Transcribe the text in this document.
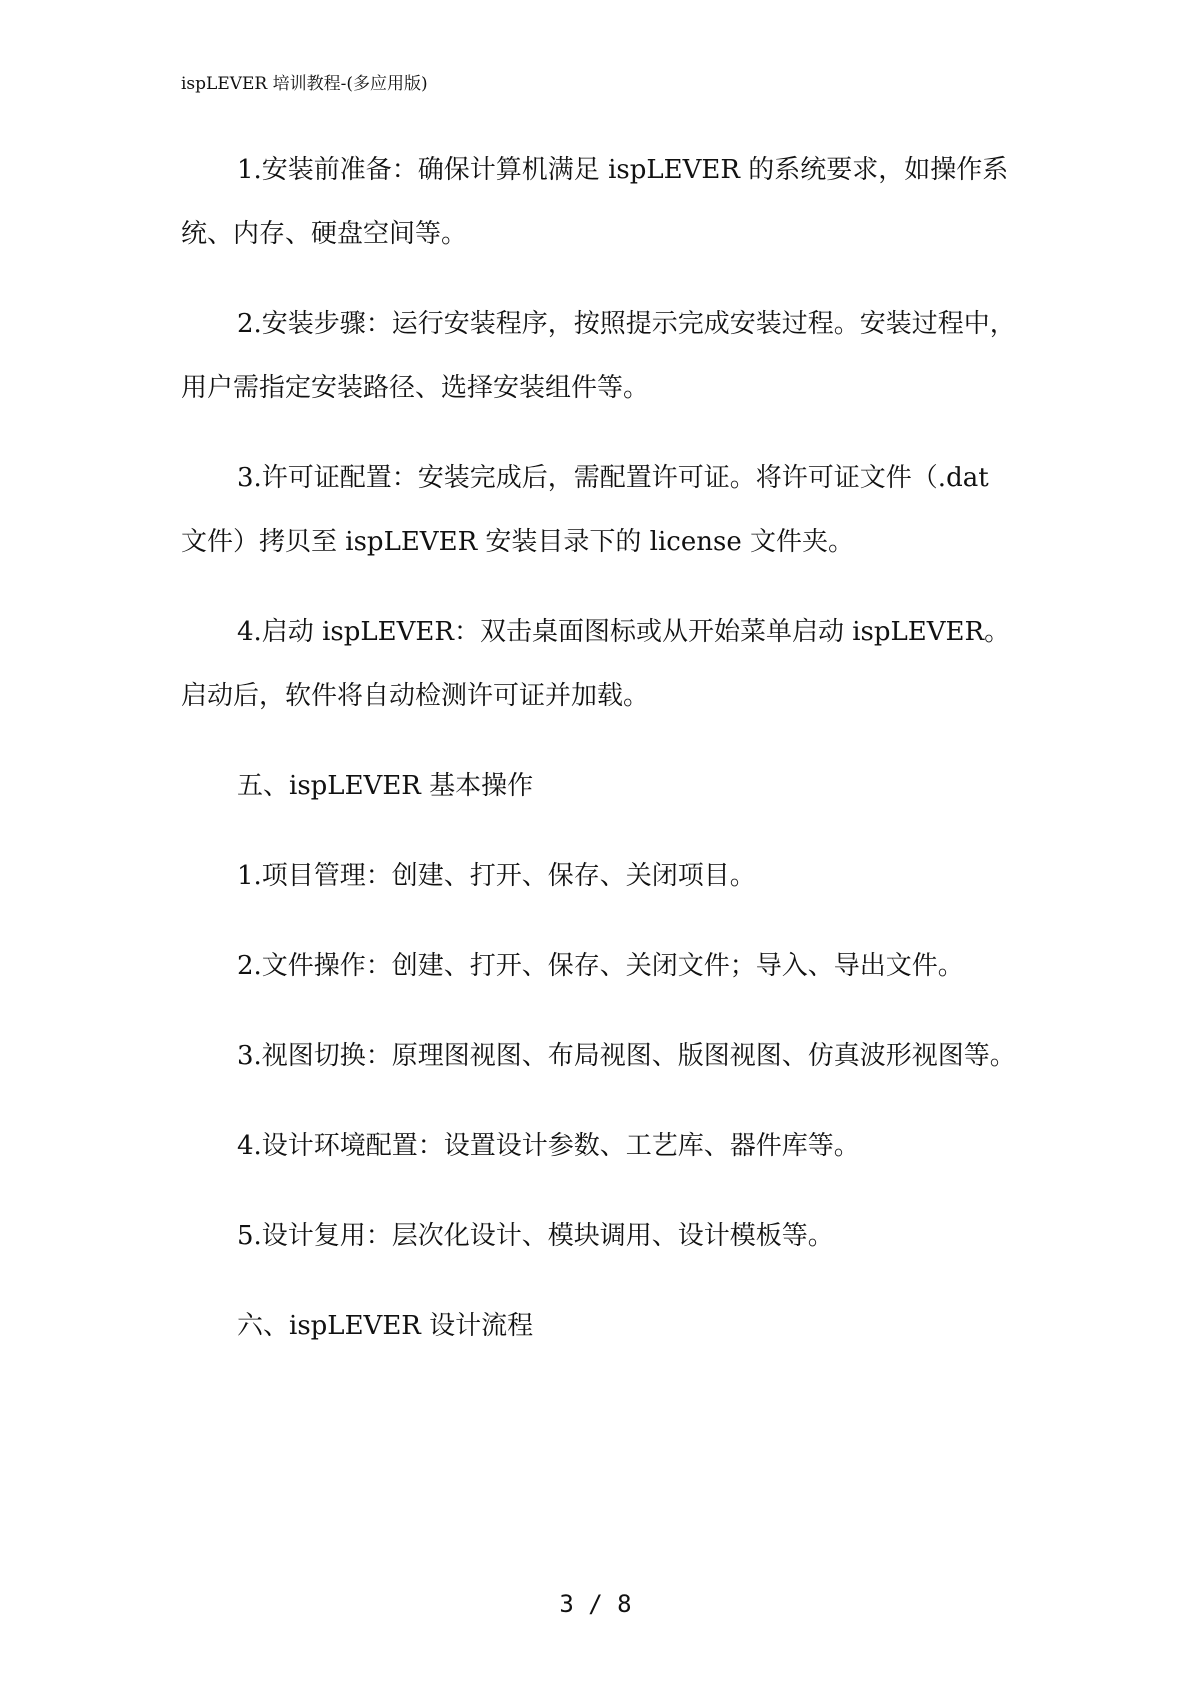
ispLEVER 培训教程-(多应用版)

1.安装前准备：确保计算机满足 ispLEVER 的系统要求，如操作系统、内存、硬盘空间等。

2.安装步骤：运行安装程序，按照提示完成安装过程。安装过程中，用户需指定安装路径、选择安装组件等。

3.许可证配置：安装完成后，需配置许可证。将许可证文件（.dat 文件）拷贝至 ispLEVER 安装目录下的 license 文件夹。

4.启动 ispLEVER：双击桌面图标或从开始菜单启动 ispLEVER。启动后，软件将自动检测许可证并加载。

五、ispLEVER 基本操作

1.项目管理：创建、打开、保存、关闭项目。

2.文件操作：创建、打开、保存、关闭文件；导入、导出文件。

3.视图切换：原理图视图、布局视图、版图视图、仿真波形视图等。

4.设计环境配置：设置设计参数、工艺库、器件库等。

5.设计复用：层次化设计、模块调用、设计模板等。

六、ispLEVER 设计流程

3 / 8
